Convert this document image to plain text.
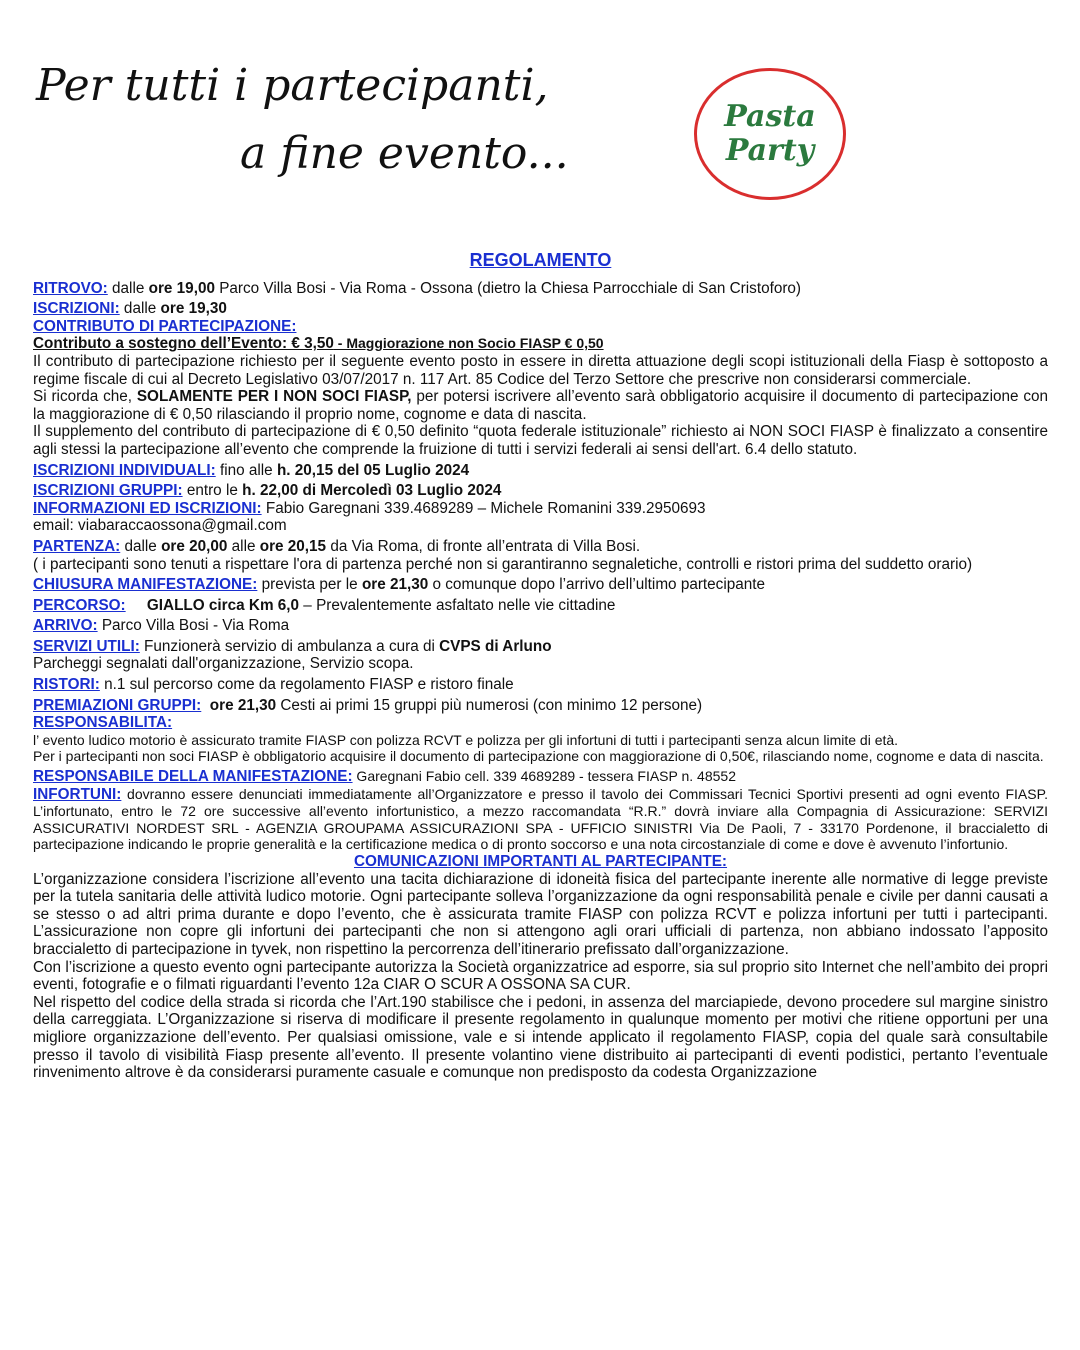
Per tutti i partecipanti,
a fine evento...
Pasta
Party
REGOLAMENTO

RITROVO: dalle ore 19,00 Parco Villa Bosi - Via Roma - Ossona (dietro la Chiesa Parrocchiale di San Cristoforo)

ISCRIZIONI: dalle ore 19,30

CONTRIBUTO DI PARTECIPAZIONE:

Contributo a sostegno dell’Evento: € 3,50 - Maggiorazione non Socio FIASP € 0,50

Il contributo di partecipazione richiesto per il seguente evento posto in essere in diretta attuazione degli scopi istituzionali della Fiasp è sottoposto a regime fiscale di cui al Decreto Legislativo 03/07/2017 n. 117 Art. 85 Codice del Terzo Settore che prescrive non considerarsi commerciale.

Si ricorda che, SOLAMENTE PER I NON SOCI FIASP, per potersi iscrivere all’evento sarà obbligatorio acquisire il documento di partecipazione con la maggiorazione di € 0,50 rilasciando il proprio nome, cognome e data di nascita.

Il supplemento del contributo di partecipazione di € 0,50 definito “quota federale istituzionale” richiesto ai NON SOCI FIASP è finalizzato a consentire agli stessi la partecipazione all’evento che comprende la fruizione di tutti i servizi federali ai sensi dell'art. 6.4 dello statuto.

ISCRIZIONI INDIVIDUALI: fino alle h. 20,15 del 05 Luglio 2024

ISCRIZIONI GRUPPI: entro le h. 22,00 di Mercoledì 03 Luglio 2024

INFORMAZIONI ED ISCRIZIONI: Fabio Garegnani 339.4689289 – Michele Romanini 339.2950693

email: viabaraccaossona@gmail.com

PARTENZA: dalle ore 20,00 alle ore 20,15 da Via Roma, di fronte all’entrata di Villa Bosi.

( i partecipanti sono tenuti a rispettare l'ora di partenza perché non si garantiranno segnaletiche, controlli e ristori prima del suddetto orario)

CHIUSURA MANIFESTAZIONE: prevista per le ore 21,30 o comunque dopo l’arrivo dell’ultimo partecipante

PERCORSO: GIALLO circa Km 6,0 – Prevalentemente asfaltato nelle vie cittadine

ARRIVO: Parco Villa Bosi - Via Roma

SERVIZI UTILI: Funzionerà servizio di ambulanza a cura di CVPS di Arluno

Parcheggi segnalati dall'organizzazione, Servizio scopa.

RISTORI: n.1 sul percorso come da regolamento FIASP e ristoro finale

PREMIAZIONI GRUPPI: ore 21,30 Cesti ai primi 15 gruppi più numerosi (con minimo 12 persone)

RESPONSABILITA:

l’ evento ludico motorio è assicurato tramite FIASP con polizza RCVT e polizza per gli infortuni di tutti i partecipanti senza alcun limite di età.

Per i partecipanti non soci FIASP è obbligatorio acquisire il documento di partecipazione con maggiorazione di 0,50€, rilasciando nome, cognome e data di nascita.

RESPONSABILE DELLA MANIFESTAZIONE: Garegnani Fabio cell. 339 4689289 - tessera FIASP n. 48552

INFORTUNI: dovranno essere denunciati immediatamente all’Organizzatore e presso il tavolo dei Commissari Tecnici Sportivi presenti ad ogni evento FIASP. L’infortunato, entro le 72 ore successive all’evento infortunistico, a mezzo raccomandata “R.R.” dovrà inviare alla Compagnia di Assicurazione: SERVIZI ASSICURATIVI NORDEST SRL - AGENZIA GROUPAMA ASSICURAZIONI SPA - UFFICIO SINISTRI Via De Paoli, 7 - 33170 Pordenone, il braccialetto di partecipazione indicando le proprie generalità e la certificazione medica o di pronto soccorso e una nota circostanziale di come e dove è avvenuto l’infortunio.

COMUNICAZIONI IMPORTANTI AL PARTECIPANTE:

L’organizzazione considera l’iscrizione all’evento una tacita dichiarazione di idoneità fisica del partecipante inerente alle normative di legge previste per la tutela sanitaria delle attività ludico motorie. Ogni partecipante solleva l’organizzazione da ogni responsabilità penale e civile per danni causati a se stesso o ad altri prima durante e dopo l’evento, che è assicurata tramite FIASP con polizza RCVT e polizza infortuni per tutti i partecipanti. L’assicurazione non copre gli infortuni dei partecipanti che non si attengono agli orari ufficiali di partenza, non abbiano indossato l’apposito braccialetto di partecipazione in tyvek, non rispettino la percorrenza dell’itinerario prefissato dall’organizzazione.

Con l’iscrizione a questo evento ogni partecipante autorizza la Società organizzatrice ad esporre, sia sul proprio sito Internet che nell’ambito dei propri eventi, fotografie e o filmati riguardanti l’evento 12a CIAR O SCUR A OSSONA SA CUR.

Nel rispetto del codice della strada si ricorda che l’Art.190 stabilisce che i pedoni, in assenza del marciapiede, devono procedere sul margine sinistro della carreggiata. L’Organizzazione si riserva di modificare il presente regolamento in qualunque momento per motivi che ritiene opportuni per una migliore organizzazione dell’evento. Per qualsiasi omissione, vale e si intende applicato il regolamento FIASP, copia del quale sarà consultabile presso il tavolo di visibilità Fiasp presente all’evento. Il presente volantino viene distribuito ai partecipanti di eventi podistici, pertanto l’eventuale rinvenimento altrove è da considerarsi puramente casuale e comunque non predisposto da codesta Organizzazione
